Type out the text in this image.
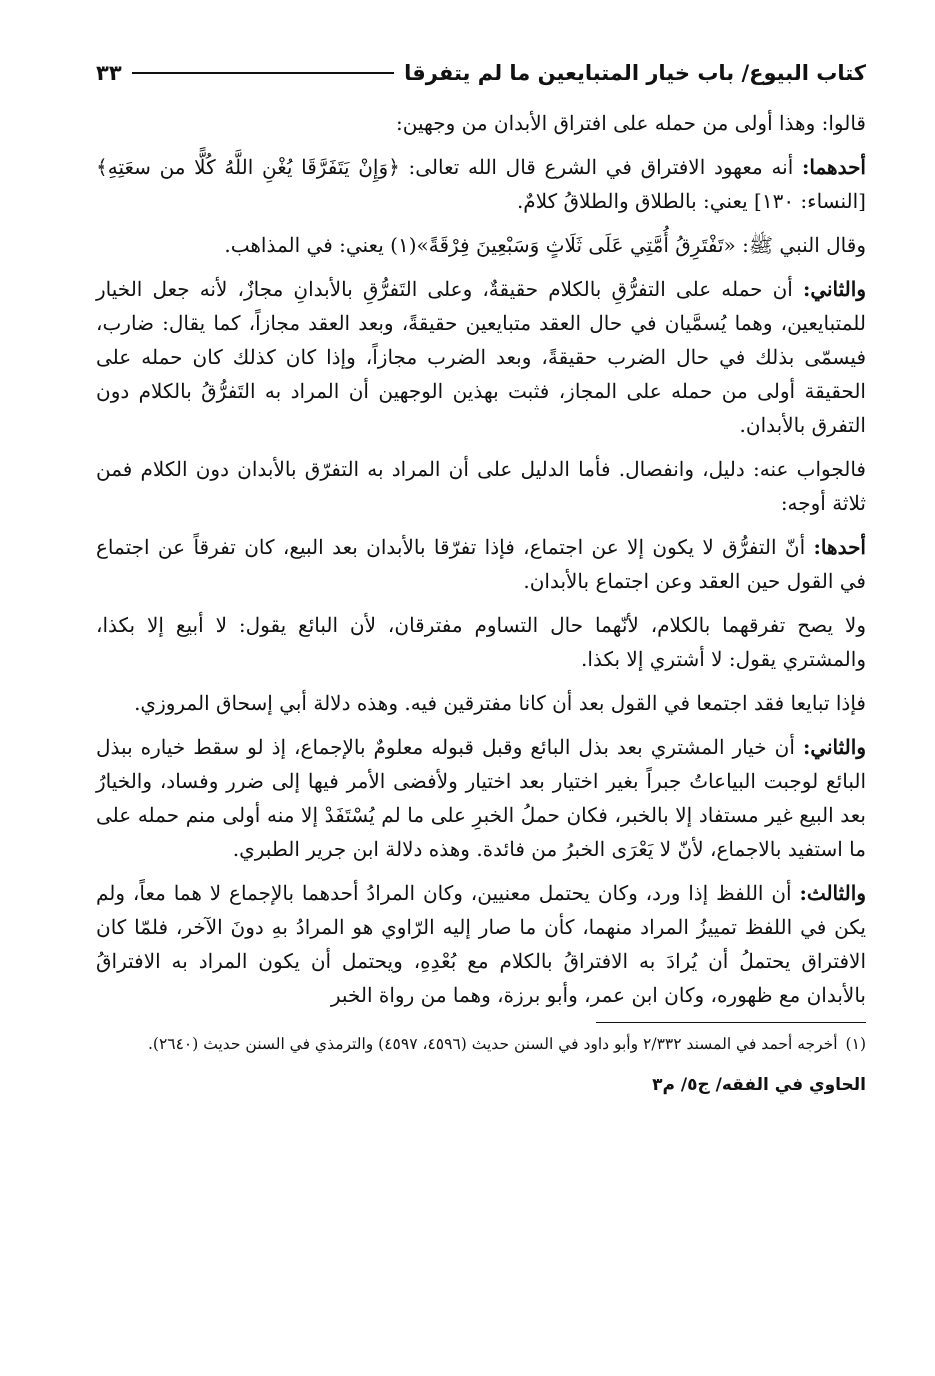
كتاب البيوع/ باب خيار المتبايعين ما لم يتفرقا
٣٣

قالوا: وهذا أولى من حمله على افتراق الأبدان من وجهين:

أحدهما: أنه معهود الافتراق في الشرع قال الله تعالى: ﴿وَإِنْ يَتَفَرَّقَا يُغْنِ اللَّهُ كُلًّا من سعَتِهِ﴾ [النساء: ١٣٠] يعني: بالطلاق والطلاقُ كلامٌ.

وقال النبي ﷺ: «تَفْتَرِقُ أُمَّتِي عَلَى ثَلَاثٍ وَسَبْعِينَ فِرْقَةً»(١) يعني: في المذاهب.

والثاني: أن حمله على التفرُّقِ بالكلام حقيقةٌ، وعلى التَفرُّقِ بالأبدانِ مجازٌ، لأنه جعل الخيار للمتبايعين، وهما يُسمَّيان في حال العقد متبايعين حقيقةً، وبعد العقد مجازاً، كما يقال: ضارب، فيسمّى بذلك في حال الضرب حقيقةً، وبعد الضرب مجازاً، وإذا كان كذلك كان حمله على الحقيقة أولى من حمله على المجاز، فثبت بهذين الوجهين أن المراد به التَفرُّقُ بالكلام دون التفرق بالأبدان.

فالجواب عنه: دليل، وانفصال. فأما الدليل على أن المراد به التفرّق بالأبدان دون الكلام فمن ثلاثة أوجه:

أحدها: أنّ التفرُّق لا يكون إلا عن اجتماع، فإذا تفرّقا بالأبدان بعد البيع، كان تفرقاً عن اجتماع في القول حين العقد وعن اجتماع بالأبدان.

ولا يصح تفرقهما بالكلام، لأنّهما حال التساوم مفترقان، لأن البائع يقول: لا أبيع إلا بكذا، والمشتري يقول: لا أشتري إلا بكذا.

فإذا تبايعا فقد اجتمعا في القول بعد أن كانا مفترقين فيه. وهذه دلالة أبي إسحاق المروزي.

والثاني: أن خيار المشتري بعد بذل البائع وقبل قبوله معلومٌ بالإجماع، إذ لو سقط خياره ببذل البائع لوجبت البياعاتُ جبراً بغير اختيار بعد اختيار ولأفضى الأمر فيها إلى ضرر وفساد، والخيارُ بعد البيع غير مستفاد إلا بالخبر، فكان حملُ الخبرِ على ما لم يُسْتَفَدْ إلا منه أولى منم حمله على ما استفيد بالاجماع، لأنّ لا يَعْرَى الخبرُ من فائدة. وهذه دلالة ابن جرير الطبري.

والثالث: أن اللفظ إذا ورد، وكان يحتمل معنيين، وكان المرادُ أحدهما بالإجماع لا هما معاً، ولم يكن في اللفظ تمييزُ المراد منهما، كأن ما صار إليه الرّاوي هو المرادُ بهِ دونَ الآخر، فلمّا كان الافتراق يحتملُ أن يُرادَ به الافتراقُ بالكلام مع بُعْدِهِ، ويحتمل أن يكون المراد به الافتراقُ بالأبدان مع ظهوره، وكان ابن عمر، وأبو برزة، وهما من رواة الخبر

(١)أخرجه أحمد في المسند ٢/٣٣٢ وأبو داود في السنن حديث (٤٥٩٦، ٤٥٩٧) والترمذي في السنن حديث (٢٦٤٠).
الحاوي في الفقه/ ج٥/ م٣
